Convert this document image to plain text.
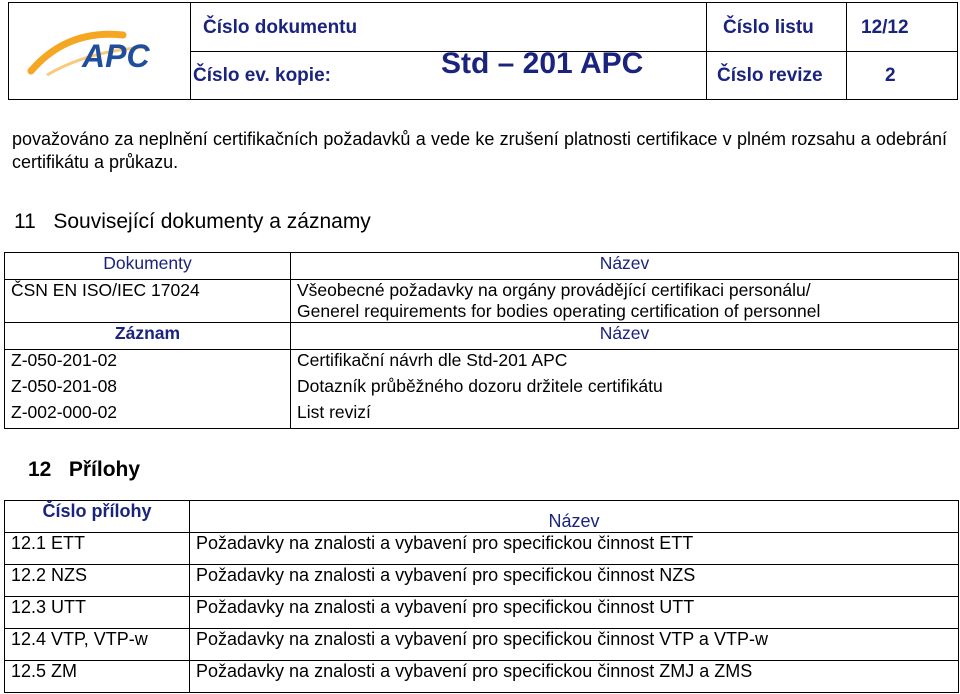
APC
Číslo dokumentu
Číslo ev. kopie:	Std – 201 APC
Číslo listu 12/12
Číslo revize	2
považováno za neplnění certifikačních požadavků a vede ke zrušení platnosti certifikace v plném rozsahu a odebrání certifikátu a průkazu.
11 Související dokumenty a záznamy
Dokumenty	Název
ČSN EN ISO/IEC 17024	Všeobecné požadavky na orgány provádějící certifikaci personálu/
Generel requirements for bodies operating certification of personnel

Záznam	Název
Z-050-201-02	Certifikační návrh dle Std-201 APC
Z-050-201-08	Dotazník průběžného dozoru držitele certifikátu
Z-002-000-02	List revizí
12 Přílohy
Číslo přílohy	Název
12.1 ETT	Požadavky na znalosti a vybavení pro specifickou činnost ETT
12.2 NZS	Požadavky na znalosti a vybavení pro specifickou činnost NZS
12.3 UTT	Požadavky na znalosti a vybavení pro specifickou činnost UTT
12.4 VTP, VTP-w	Požadavky na znalosti a vybavení pro specifickou činnost VTP a VTP-w
12.5 ZM	Požadavky na znalosti a vybavení pro specifickou činnost ZMJ a ZMS
